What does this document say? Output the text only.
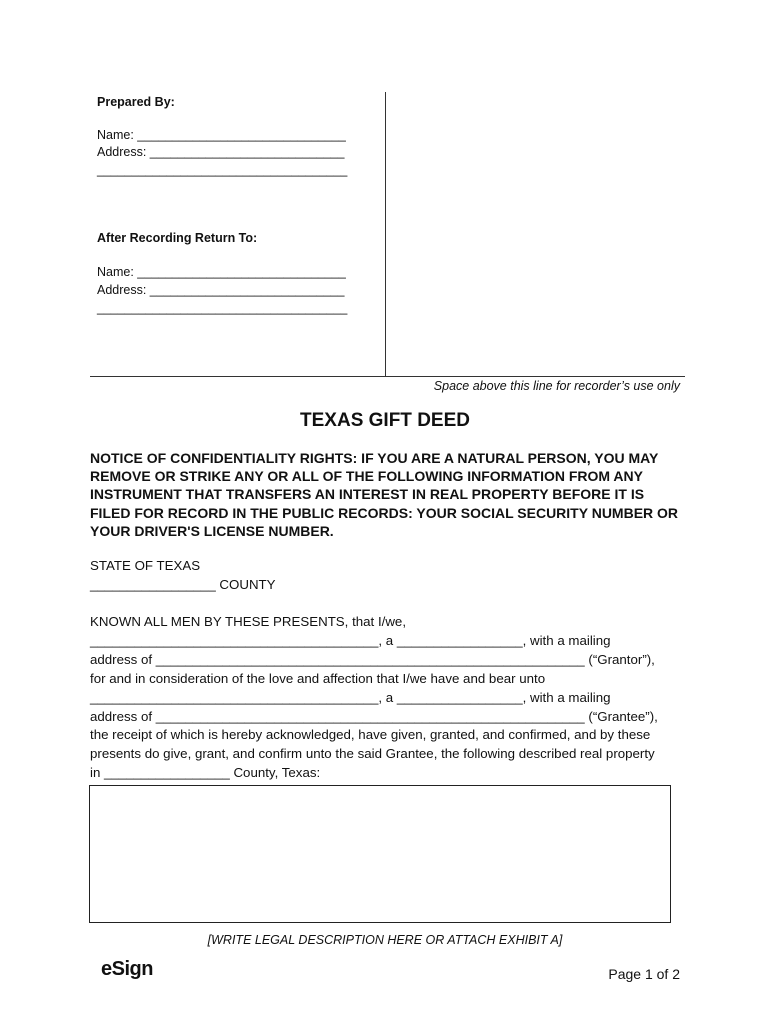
Prepared By:
Name: ______________________________
Address: ____________________________
____________________________________
After Recording Return To:
Name: ______________________________
Address: ____________________________
____________________________________
Space above this line for recorder’s use only
TEXAS GIFT DEED
NOTICE OF CONFIDENTIALITY RIGHTS: IF YOU ARE A NATURAL PERSON, YOU MAY REMOVE OR STRIKE ANY OR ALL OF THE FOLLOWING INFORMATION FROM ANY INSTRUMENT THAT TRANSFERS AN INTEREST IN REAL PROPERTY BEFORE IT IS FILED FOR RECORD IN THE PUBLIC RECORDS: YOUR SOCIAL SECURITY NUMBER OR YOUR DRIVER'S LICENSE NUMBER.
STATE OF TEXAS
_________________ COUNTY
KNOWN ALL MEN BY THESE PRESENTS, that I/we,
_______________________________________, a _________________, with a mailing
address of __________________________________________________________ (“Grantor”),
for and in consideration of the love and affection that I/we have and bear unto
_______________________________________, a _________________, with a mailing
address of __________________________________________________________ (“Grantee”),
the receipt of which is hereby acknowledged, have given, granted, and confirmed, and by these
presents do give, grant, and confirm unto the said Grantee, the following described real property
in _________________ County, Texas:
[WRITE LEGAL DESCRIPTION HERE OR ATTACH EXHIBIT A]
eSign	Page 1 of 2
